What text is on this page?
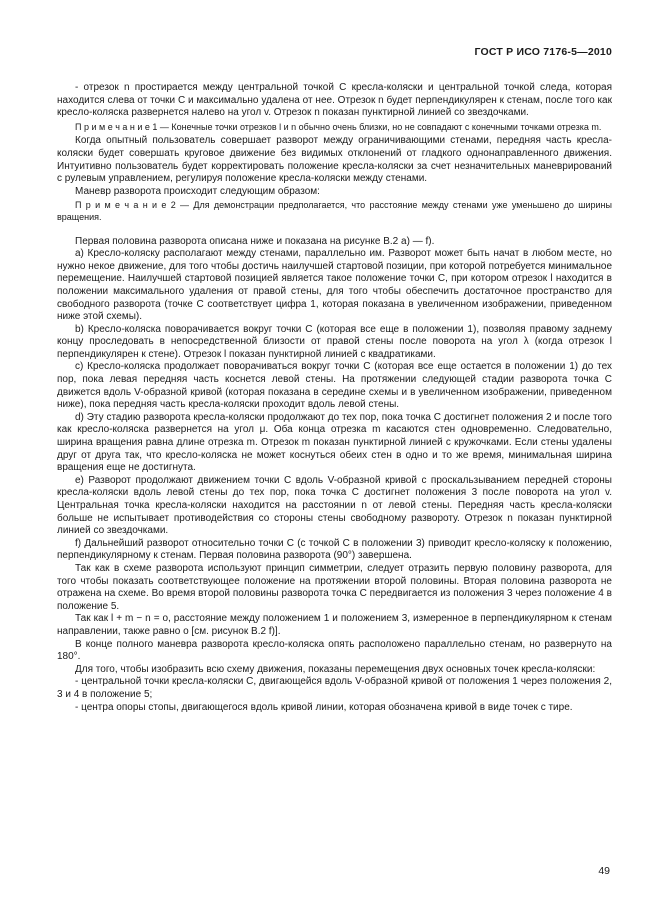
ГОСТ Р ИСО 7176-5—2010
- отрезок n простирается между центральной точкой С кресла-коляски и центральной точкой следа, которая находится слева от точки С и максимально удалена от нее. Отрезок n будет перпендикулярен к стенам, после того как кресло-коляска развернется налево на угол v. Отрезок n показан пунктирной линией со звездочками.
П р и м е ч а н и е 1 — Конечные точки отрезков l и n обычно очень близки, но не совпадают с конечными точками отрезка m.
Когда опытный пользователь совершает разворот между ограничивающими стенами, передняя часть кресла-коляски будет совершать круговое движение без видимых отклонений от гладкого однонаправленного движения. Интуитивно пользователь будет корректировать положение кресла-коляски за счет незначительных маневрирований с рулевым управлением, регулируя положение кресла-коляски между стенами.
Маневр разворота происходит следующим образом:
П р и м е ч а н и е 2 — Для демонстрации предполагается, что расстояние между стенами уже уменьшено до ширины вращения.
Первая половина разворота описана ниже и показана на рисунке В.2 а) — f).
а) Кресло-коляску располагают между стенами, параллельно им. Разворот может быть начат в любом месте, но нужно некое движение, для того чтобы достичь наилучшей стартовой позиции, при которой потребуется минимальное перемещение. Наилучшей стартовой позицией является такое положение точки С, при котором отрезок l находится в положении максимального удаления от правой стены, для того чтобы обеспечить достаточное пространство для свободного разворота (точке С соответствует цифра 1, которая показана в увеличенном изображении, приведенном ниже этой схемы).
b) Кресло-коляска поворачивается вокруг точки С (которая все еще в положении 1), позволяя правому заднему концу проследовать в непосредственной близости от правой стены после поворота на угол λ (когда отрезок l перпендикулярен к стене). Отрезок l показан пунктирной линией с квадратиками.
с) Кресло-коляска продолжает поворачиваться вокруг точки С (которая все еще остается в положении 1) до тех пор, пока левая передняя часть коснется левой стены. На протяжении следующей стадии разворота точка С движется вдоль V-образной кривой (которая показана в середине схемы и в увеличенном изображении, приведенном ниже), пока передняя часть кресла-коляски проходит вдоль левой стены.
d) Эту стадию разворота кресла-коляски продолжают до тех пор, пока точка С достигнет положения 2 и после того как кресло-коляска развернется на угол μ. Оба конца отрезка m касаются стен одновременно. Следовательно, ширина вращения равна длине отрезка m. Отрезок m показан пунктирной линией с кружочками. Если стены удалены друг от друга так, что кресло-коляска не может коснуться обеих стен в одно и то же время, минимальная ширина вращения еще не достигнута.
е) Разворот продолжают движением точки С вдоль V-образной кривой с проскальзыванием передней стороны кресла-коляски вдоль левой стены до тех пор, пока точка С достигнет положения 3 после поворота на угол v. Центральная точка кресла-коляски находится на расстоянии n от левой стены. Передняя часть кресла-коляски больше не испытывает противодействия со стороны стены свободному развороту. Отрезок n показан пунктирной линией со звездочками.
f) Дальнейший разворот относительно точки С (с точкой С в положении 3) приводит кресло-коляску к положению, перпендикулярному к стенам. Первая половина разворота (90°) завершена.
Так как в схеме разворота используют принцип симметрии, следует отразить первую половину разворота, для того чтобы показать соответствующее положение на протяжении второй половины. Вторая половина разворота не отражена на схеме. Во время второй половины разворота точка С передвигается из положения 3 через положение 4 в положение 5.
Так как l + m − n = o, расстояние между положением 1 и положением 3, измеренное в перпендикулярном к стенам направлении, также равно o [см. рисунок В.2 f)].
В конце полного маневра разворота кресло-коляска опять расположено параллельно стенам, но развернуто на 180°.
Для того, чтобы изобразить всю схему движения, показаны перемещения двух основных точек кресла-коляски:
- центральной точки кресла-коляски С, двигающейся вдоль V-образной кривой от положения 1 через положения 2, 3 и 4 в положение 5;
- центра опоры стопы, двигающегося вдоль кривой линии, которая обозначена кривой в виде точек с тире.
49
